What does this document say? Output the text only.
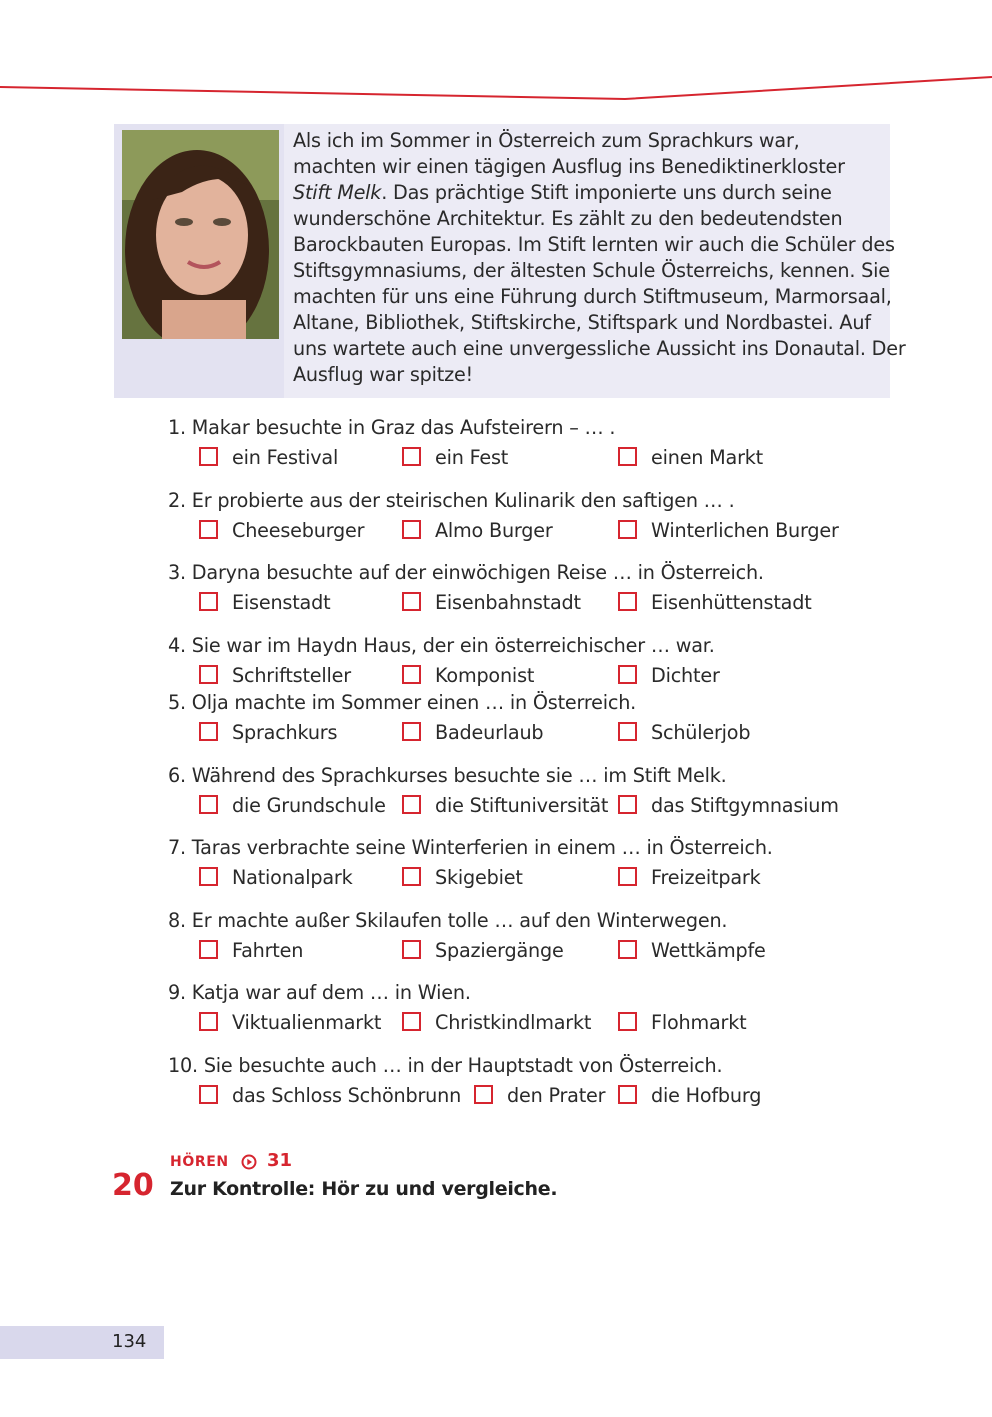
Als ich im Sommer in Österreich zum Sprachkurs war,
machten wir einen tägigen Ausflug ins Benediktinerkloster
Stift Melk. Das prächtige Stift imponierte uns durch seine
wunderschöne Architektur. Es zählt zu den bedeutendsten
Barockbauten Europas. Im Stift lernten wir auch die Schüler des
Stiftsgymnasiums, der ältesten Schule Österreichs, kennen. Sie
machten für uns eine Führung durch Stiftmuseum, Marmorsaal,
Altane, Bibliothek, Stiftskirche, Stiftspark und Nordbastei. Auf
uns wartete auch eine unvergessliche Aussicht ins Donautal. Der
Ausflug war spitze!
1. Makar besuchte in Graz das Aufsteirern – … .
ein Festival	ein Fest	einen Markt
2. Er probierte aus der steirischen Kulinarik den saftigen … .
Cheeseburger	Almo Burger	Winterlichen Burger
3. Daryna besuchte auf der einwöchigen Reise … in Österreich.
Eisenstadt	Eisenbahnstadt	Eisenhüttenstadt
4. Sie war im Haydn Haus, der ein österreichischer … war.
Schriftsteller	Komponist	Dichter
5. Olja machte im Sommer einen … in Österreich.
Sprachkurs	Badeurlaub	Schülerjob
6. Während des Sprachkurses besuchte sie … im Stift Melk.
die Grundschule	die Stiftuniversität das Stiftgymnasium
7. Taras verbrachte seine Winterferien in einem … in Österreich.
Nationalpark	Skigebiet	Freizeitpark
8. Er machte außer Skilaufen tolle … auf den Winterwegen.
Fahrten	Spaziergänge	Wettkämpfe
9. Katja war auf dem … in Wien.
Viktualienmarkt	Christkindlmarkt	Flohmarkt
10. Sie besuchte auch … in der Hauptstadt von Österreich.
das Schloss Schönbrunn den Prater die Hofburg
HÖREN 31
20 Zur Kontrolle: Hör zu und vergleiche.
134
